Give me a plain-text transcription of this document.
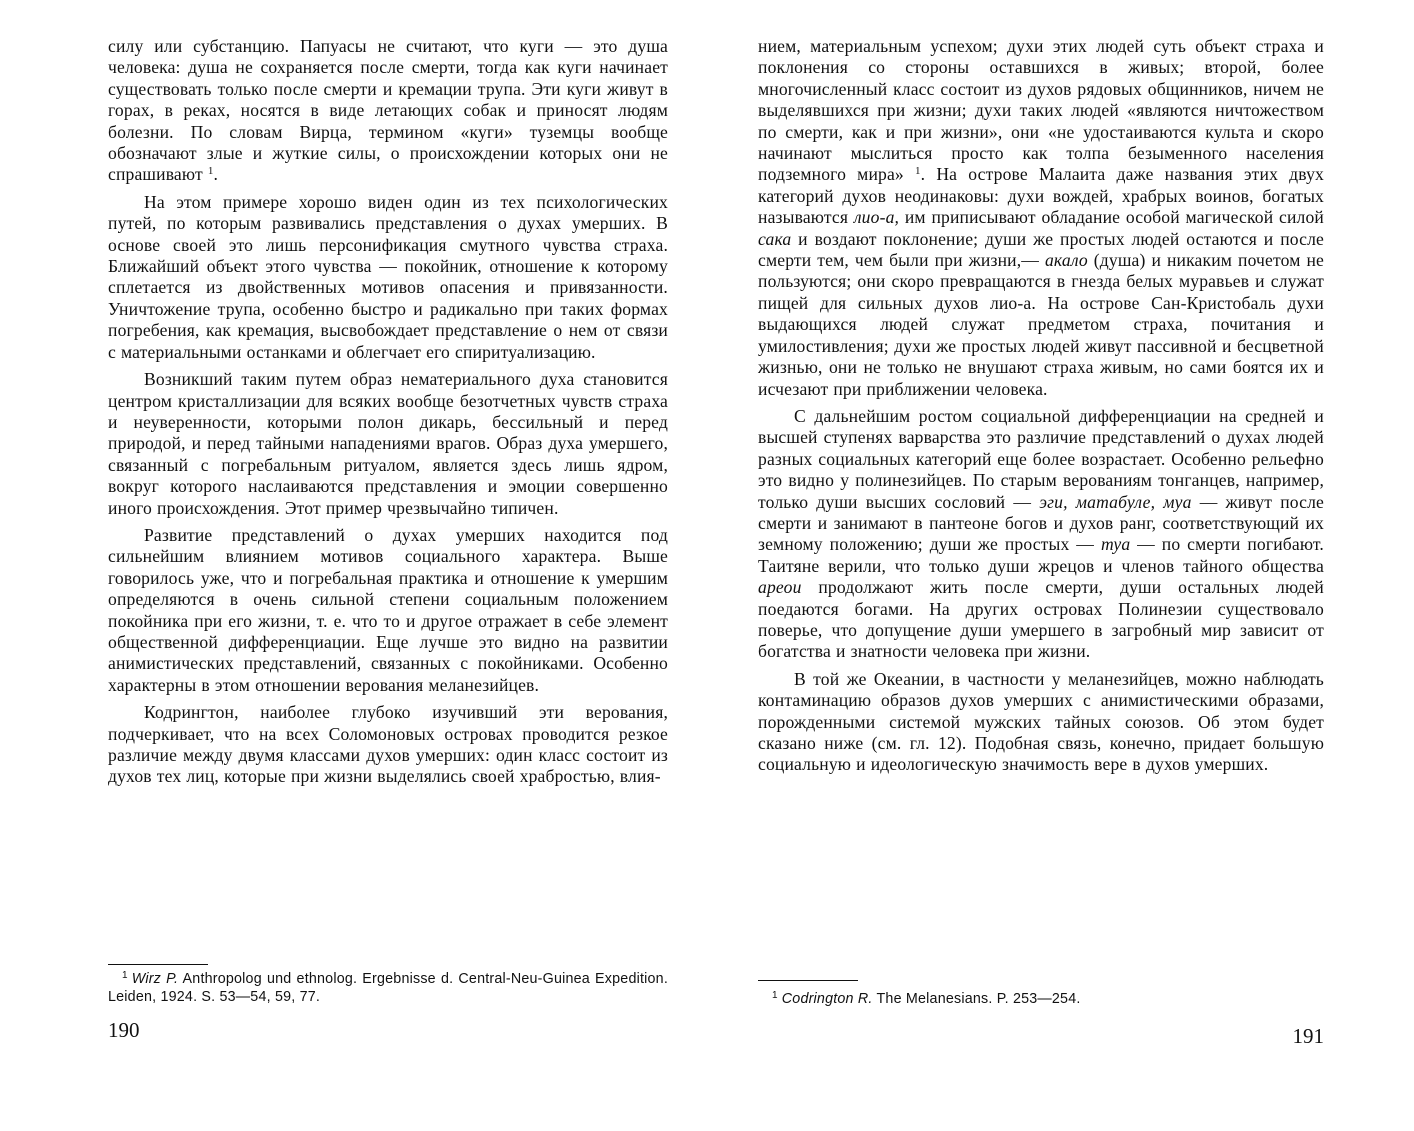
силу или субстанцию. Папуасы не считают, что куги — это душа человека: душа не сохраняется после смерти, тогда как куги начинает существовать только после смерти и кремации трупа. Эти куги живут в горах, в реках, носятся в виде летающих собак и приносят людям болезни. По словам Вирца, термином «куги» туземцы вообще обозначают злые и жуткие силы, о происхождении которых они не спрашивают $^1$.

На этом примере хорошо виден один из тех психологических путей, по которым развивались представления о духах умерших. В основе своей это лишь персонификация смутного чувства страха. Ближайший объект этого чувства — покойник, отношение к которому сплетается из двойственных мотивов опасения и привязанности. Уничтожение трупа, особенно быстро и радикально при таких формах погребения, как кремация, высвобождает представление о нем от связи с материальными останками и облегчает его спиритуализацию.

Возникший таким путем образ нематериального духа становится центром кристаллизации для всяких вообще безотчетных чувств страха и неуверенности, которыми полон дикарь, бессильный и перед природой, и перед тайными нападениями врагов. Образ духа умершего, связанный с погребальным ритуалом, является здесь лишь ядром, вокруг которого наслаиваются представления и эмоции совершенно иного происхождения. Этот пример чрезвычайно типичен.

Развитие представлений о духах умерших находится под сильнейшим влиянием мотивов социального характера. Выше говорилось уже, что и погребальная практика и отношение к умершим определяются в очень сильной степени социальным положением покойника при его жизни, т. е. что то и другое отражает в себе элемент общественной дифференциации. Еще лучше это видно на развитии анимистических представлений, связанных с покойниками. Особенно характерны в этом отношении верования меланезийцев.

Кодрингтон, наиболее глубоко изучивший эти верования, подчеркивает, что на всех Соломоновых островах проводится резкое различие между двумя классами духов умерших: один класс состоит из духов тех лиц, которые при жизни выделялись своей храбростью, влия-

$^1$ Wirz P. Anthropolog und ethnolog. Ergebnisse d. Central-Neu-Guinea Expedition. Leiden, 1924. S. 53—54, 59, 77.

190

нием, материальным успехом; духи этих людей суть объект страха и поклонения со стороны оставшихся в живых; второй, более многочисленный класс состоит из духов рядовых общинников, ничем не выделявшихся при жизни; духи таких людей «являются ничтожеством по смерти, как и при жизни», они «не удостаиваются культа и скоро начинают мыслиться просто как толпа безыменного населения подземного мира» $^1$. На острове Малаита даже названия этих двух категорий духов неодинаковы: духи вождей, храбрых воинов, богатых называются лио-а, им приписывают обладание особой магической силой сака и воздают поклонение; души же простых людей остаются и после смерти тем, чем были при жизни,— акало (душа) и никаким почетом не пользуются; они скоро превращаются в гнезда белых муравьев и служат пищей для сильных духов лио-а. На острове Сан-Кристобаль духи выдающихся людей служат предметом страха, почитания и умилостивления; духи же простых людей живут пассивной и бесцветной жизнью, они не только не внушают страха живым, но сами боятся их и исчезают при приближении человека.

С дальнейшим ростом социальной дифференциации на средней и высшей ступенях варварства это различие представлений о духах людей разных социальных категорий еще более возрастает. Особенно рельефно это видно у полинезийцев. По старым верованиям тонганцев, например, только души высших сословий — эги, матабуле, муа — живут после смерти и занимают в пантеоне богов и духов ранг, соответствующий их земному положению; души же простых — туа — по смерти погибают. Таитяне верили, что только души жрецов и членов тайного общества ареои продолжают жить после смерти, души остальных людей поедаются богами. На других островах Полинезии существовало поверье, что допущение души умершего в загробный мир зависит от богатства и знатности человека при жизни.

В той же Океании, в частности у меланезийцев, можно наблюдать контаминацию образов духов умерших с анимистическими образами, порожденными системой мужских тайных союзов. Об этом будет сказано ниже (см. гл. 12). Подобная связь, конечно, придает большую социальную и идеологическую значимость вере в духов умерших.

$^1$ Codrington R. The Melanesians. P. 253—254.

191
